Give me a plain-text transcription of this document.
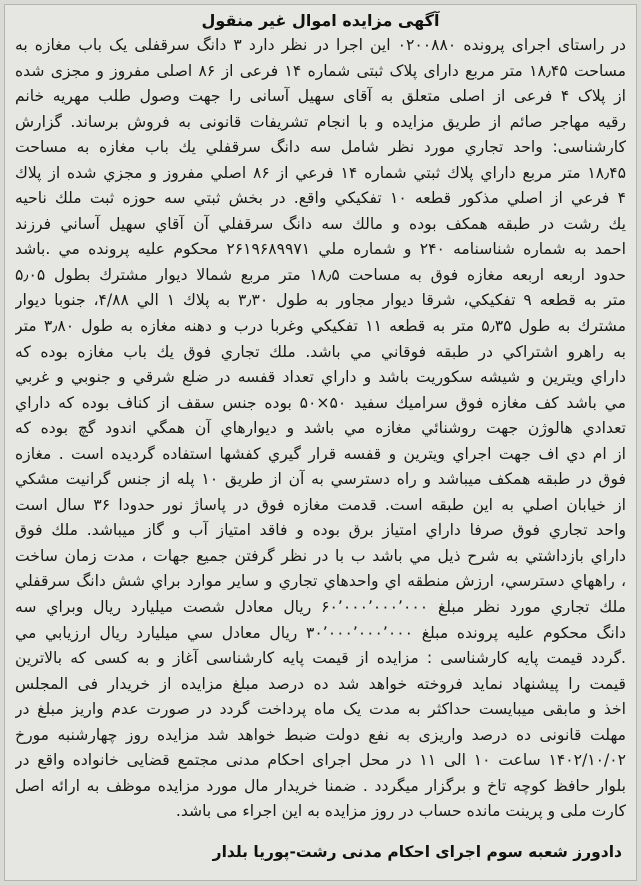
آگهی مزایده اموال غیر منقول
در راستای اجرای پرونده ۰۲۰۰۸۸۰ این اجرا در نظر دارد ۳ دانگ سرقفلی یک باب مغازه به
مساحت ۱۸٫۴۵ متر مربع دارای پلاک ثبتی شماره ۱۴ فرعی از ۸۶ اصلی مفروز و مجزی شده
از پلاک ۴ فرعی از اصلی متعلق به آقای سهیل آسانی را جهت وصول طلب مهریه خانم
رقیه مهاجر صائم از طریق مزایده و با انجام تشریفات قانونی به فروش برساند. گزارش
کارشناسی: واحد تجاري مورد نظر شامل سه دانگ سرقفلي يك باب مغازه به مساحت
۱۸٫۴۵ متر مربع داراي پلاك ثبتي شماره ۱۴ فرعي از ۸۶ اصلي مفروز و مجزي شده از پلاك
۴ فرعي از اصلي مذكور قطعه ۱۰ تفكيكي واقع. در بخش ثبتي سه حوزه ثبت ملك ناحيه
يك رشت در طبقه همكف بوده و مالك سه دانگ سرقفلي آن آقاي سهيل آساني فرزند
احمد به شماره شناسنامه ۲۴۰ و شماره ملي ۲۶۱۹۶۸۹۹۷۱ محكوم عليه پرونده مي .باشد
حدود اربعه اربعه مغازه فوق به مساحت ۱۸٫۵ متر مربع شمالا ديوار مشترك بطول ۵٫۰۵
متر به قطعه ۹ تفكيكي، شرقا ديوار مجاور به طول ۳٫۳۰ به پلاك ۱ الي ۴/۸۸، جنوبا ديوار
مشترك به طول ۵٫۳۵ متر به قطعه ۱۱ تفكيكي وغربا درب و دهنه مغازه به طول ۳٫۸۰ متر
به راهرو اشتراكي در طبقه فوقاني مي باشد. ملك تجاري فوق يك باب مغازه بوده كه
داراي ويترين و شيشه سكوريت باشد و داراي تعداد قفسه در ضلع شرقي و جنوبي و غربي
مي باشد كف مغازه فوق سراميك سفيد ۵۰×۵۰ بوده جنس سقف از كناف بوده كه داراي
تعدادي هالوژن جهت روشنائي مغازه مي باشد و ديوارهاي آن همگي اندود گچ بوده كه
از ام دي اف جهت اجراي ويترين و قفسه قرار گيري كفشها استفاده گرديده است . مغازه
فوق در طبقه همكف ميباشد و راه دسترسي به آن از طريق ۱۰ پله از جنس گرانيت مشكي
از خيابان اصلي به اين طبقه است. قدمت مغازه فوق در پاساژ نور حدودا ۳۶ سال است
واحد تجاري فوق صرفا داراي امتياز برق بوده و فاقد امتياز آب و گاز ميباشد. ملك فوق
داراي بازداشتي به شرح ذيل مي باشد ب با در نظر گرفتن جميع جهات ، مدت زمان ساخت
، راههاي دسترسي، ارزش منطقه اي واحدهاي تجاري و ساير موارد براي شش دانگ سرقفلي
ملك تجاري مورد نظر مبلغ ۶۰٬۰۰۰٬۰۰۰٬۰۰۰ ريال معادل شصت ميليارد ريال وبراي سه
دانگ محكوم عليه پرونده مبلغ ۳۰٬۰۰۰٬۰۰۰٬۰۰۰ ريال معادل سي ميليارد ريال ارزيابي مي
.گردد قیمت پایه کارشناسی : مزایده از قیمت پایه کارشناسی آغاز و به کسی که بالاترین
قیمت را پیشنهاد نماید فروخته خواهد شد ده درصد مبلغ مزایده از خریدار فی المجلس
اخذ و مابقی میبایست حداکثر به مدت یک ماه پرداخت گردد در صورت عدم واریز مبلغ در
مهلت قانونی ده درصد واریزی به نفع دولت ضبط خواهد شد مزایده روز چهارشنبه مورخ
۱۴۰۲/۱۰/۰۲ ساعت ۱۰ الی ۱۱ در محل اجرای احکام مدنی مجتمع قضایی خانواده واقع در
بلوار حافظ کوچه تاخ و برگزار میگردد . ضمنا خریدار مال مورد مزایده موظف به ارائه اصل
کارت ملی و پرینت مانده حساب در روز مزایده به این اجراء می باشد.
دادورز شعبه سوم اجرای احکام مدنی رشت-پوریا بلدار
